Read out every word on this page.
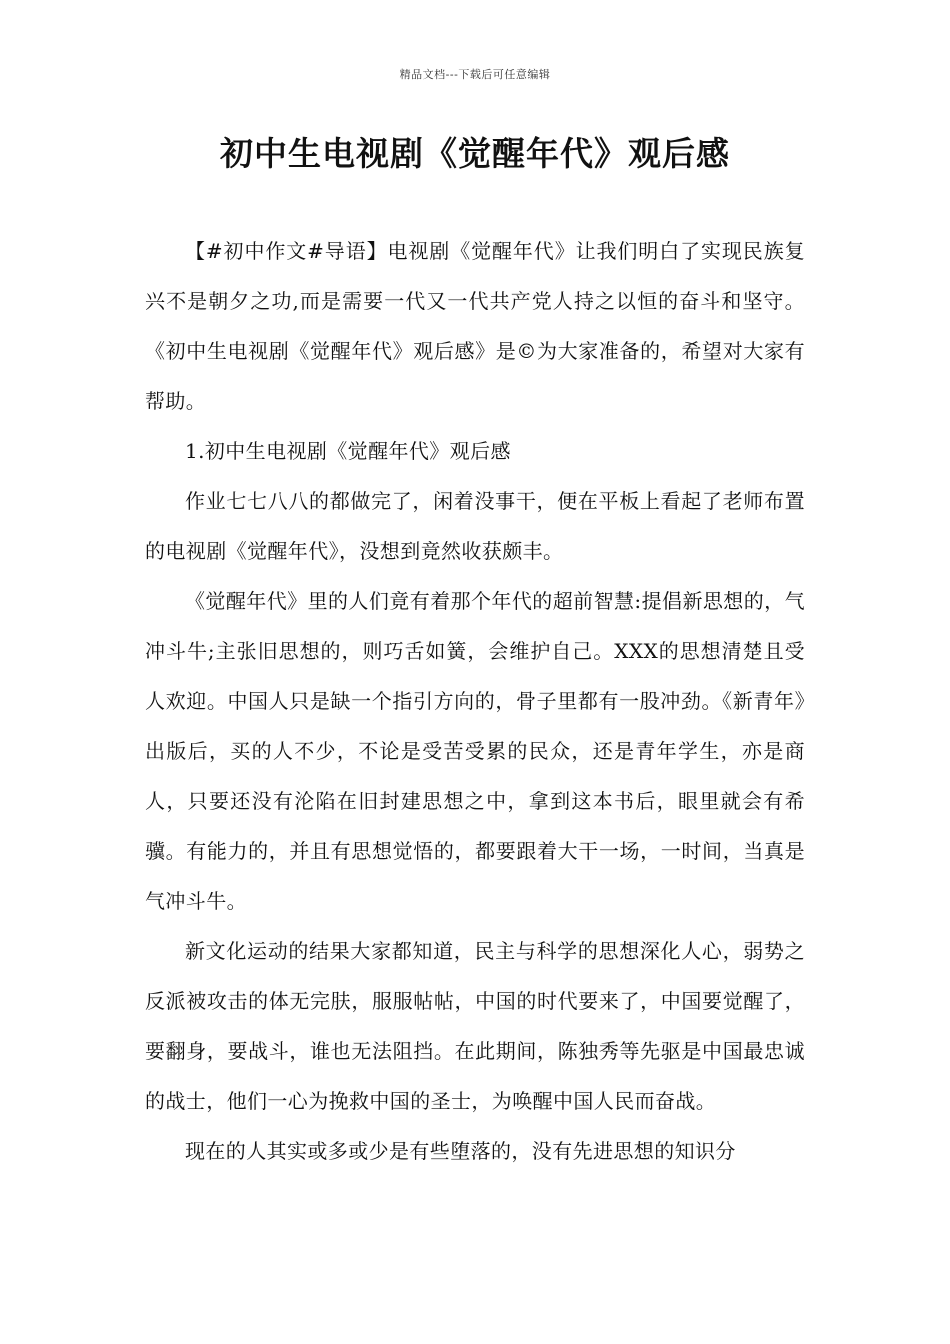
精品文档---下载后可任意编辑
初中生电视剧《觉醒年代》观后感

【#初中作文#导语】电视剧《觉醒年代》让我们明白了实现民族复兴不是朝夕之功,而是需要一代又一代共产党人持之以恒的奋斗和坚守。《初中生电视剧《觉醒年代》观后感》是©为大家准备的，希望对大家有帮助。

1.初中生电视剧《觉醒年代》观后感

作业七七八八的都做完了，闲着没事干，便在平板上看起了老师布置的电视剧《觉醒年代》，没想到竟然收获颇丰。

《觉醒年代》里的人们竟有着那个年代的超前智慧:提倡新思想的，气冲斗牛;主张旧思想的，则巧舌如簧，会维护自己。XXX的思想清楚且受人欢迎。中国人只是缺一个指引方向的，骨子里都有一股冲劲。《新青年》出版后，买的人不少，不论是受苦受累的民众，还是青年学生，亦是商人，只要还没有沦陷在旧封建思想之中，拿到这本书后，眼里就会有希骥。有能力的，并且有思想觉悟的，都要跟着大干一场，一时间，当真是气冲斗牛。

新文化运动的结果大家都知道，民主与科学的思想深化人心，弱势之反派被攻击的体无完肤，服服帖帖，中国的时代要来了，中国要觉醒了，要翻身，要战斗，谁也无法阻挡。在此期间，陈独秀等先驱是中国最忠诚的战士，他们一心为挽救中国的圣士，为唤醒中国人民而奋战。

现在的人其实或多或少是有些堕落的，没有先进思想的知识分
